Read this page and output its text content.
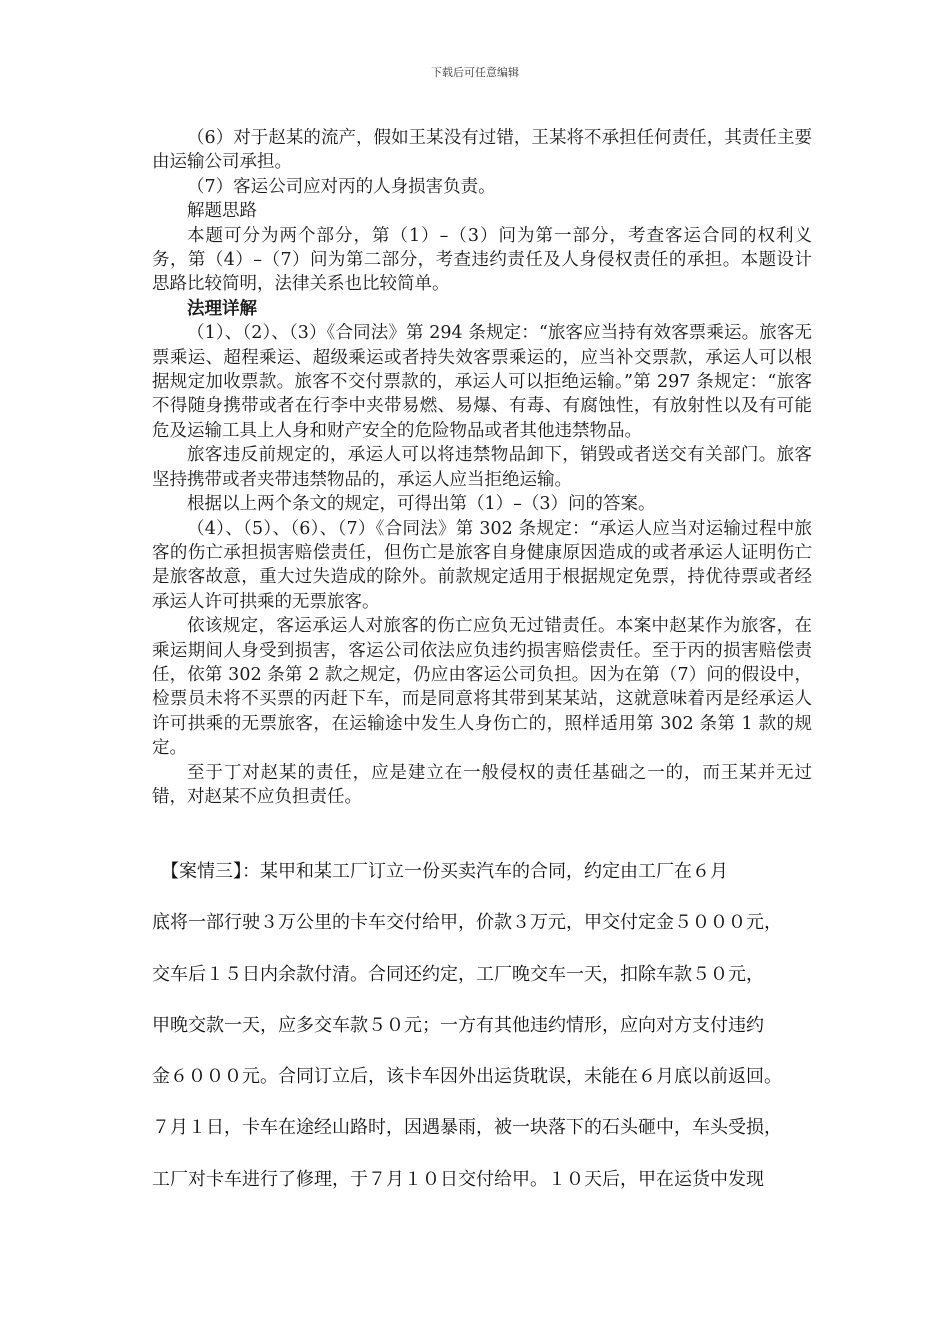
下载后可任意编辑

（6）对于赵某的流产，假如王某没有过错，王某将不承担任何责任，其责任主要由运输公司承担。

（7）客运公司应对丙的人身损害负责。

解题思路

本题可分为两个部分，第（1）–（3）问为第一部分，考查客运合同的权利义务，第（4）–（7）问为第二部分，考查违约责任及人身侵权责任的承担。本题设计思路比较简明，法律关系也比较简单。

法理详解

（1）、（2）、（3）《合同法》第 294 条规定：“旅客应当持有效客票乘运。旅客无票乘运、超程乘运、超级乘运或者持失效客票乘运的，应当补交票款，承运人可以根据规定加收票款。旅客不交付票款的，承运人可以拒绝运输。”第 297 条规定：“旅客不得随身携带或者在行李中夹带易燃、易爆、有毒、有腐蚀性，有放射性以及有可能危及运输工具上人身和财产安全的危险物品或者其他违禁物品。

旅客违反前规定的，承运人可以将违禁物品卸下，销毁或者送交有关部门。旅客坚持携带或者夹带违禁物品的，承运人应当拒绝运输。

根据以上两个条文的规定，可得出第（1）–（3）问的答案。

（4）、（5）、（6）、（7）《合同法》第 302 条规定：“承运人应当对运输过程中旅客的伤亡承担损害赔偿责任，但伤亡是旅客自身健康原因造成的或者承运人证明伤亡是旅客故意，重大过失造成的除外。前款规定适用于根据规定免票，持优待票或者经承运人许可拱乘的无票旅客。

依该规定，客运承运人对旅客的伤亡应负无过错责任。本案中赵某作为旅客，在乘运期间人身受到损害，客运公司依法应负违约损害赔偿责任。至于丙的损害赔偿责任，依第 302 条第 2 款之规定，仍应由客运公司负担。因为在第（7）问的假设中，检票员未将不买票的丙赶下车，而是同意将其带到某某站，这就意味着丙是经承运人许可拱乘的无票旅客，在运输途中发生人身伤亡的，照样适用第 302 条第 1 款的规定。

至于丁对赵某的责任，应是建立在一般侵权的责任基础之一的，而王某并无过错，对赵某不应负担责任。

　【案情三】：某甲和某工厂订立一份买卖汽车的合同，约定由工厂在６月
底将一部行驶３万公里的卡车交付给甲，价款３万元，甲交付定金５０００元，
交车后１５日内余款付清。合同还约定，工厂晚交车一天，扣除车款５０元，
甲晚交款一天，应多交车款５０元；一方有其他违约情形，应向对方支付违约
金６０００元。合同订立后，该卡车因外出运货耽误，未能在６月底以前返回。
７月１日，卡车在途经山路时，因遇暴雨，被一块落下的石头砸中，车头受损，
工厂对卡车进行了修理，于７月１０日交付给甲。１０天后，甲在运货中发现
